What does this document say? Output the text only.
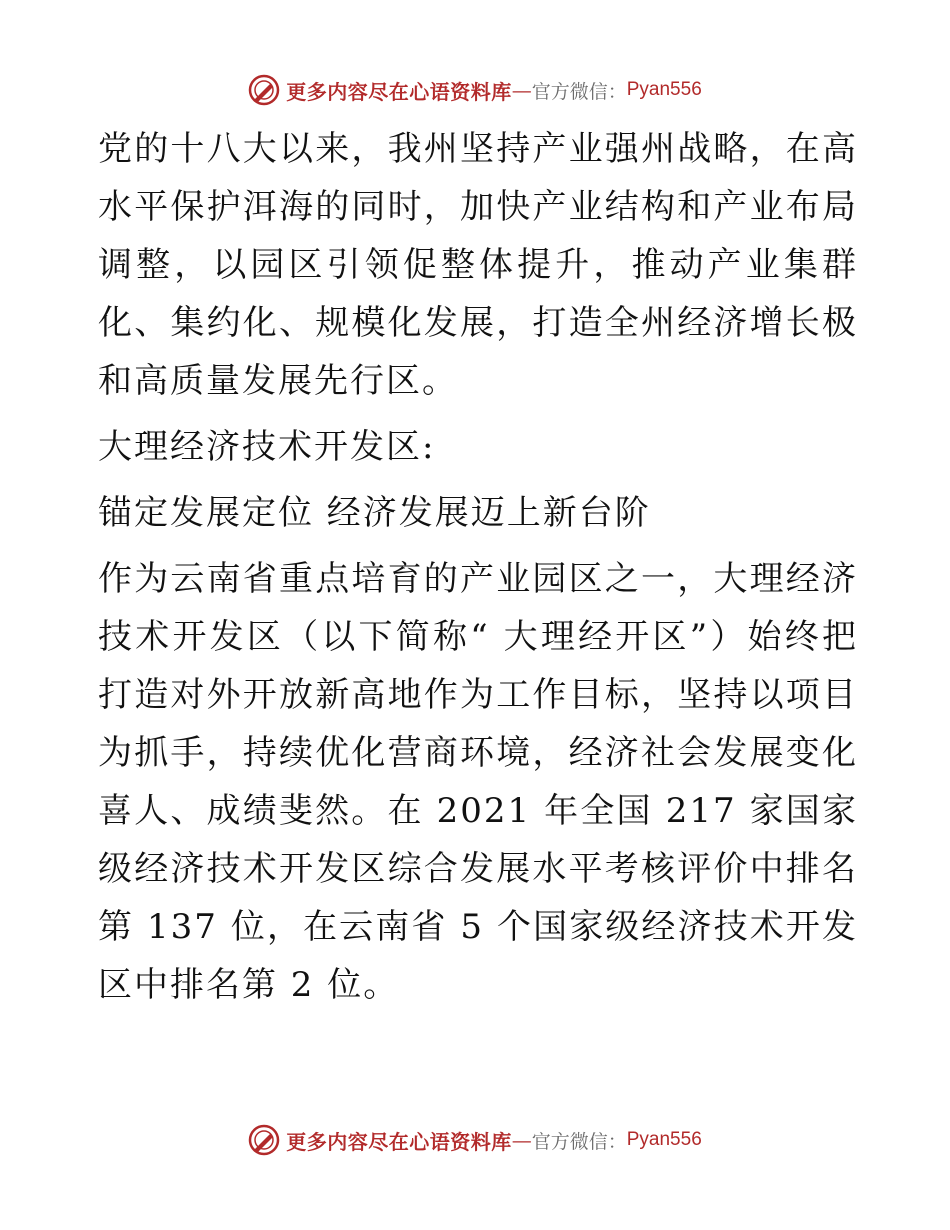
更多内容尽在心语资料库 — 官方微信： Pyan556

党的十八大以来，我州坚持产业强州战略，在高水平保护洱海的同时，加快产业结构和产业布局调整，以园区引领促整体提升，推动产业集群化、集约化、规模化发展，打造全州经济增长极和高质量发展先行区。

大理经济技术开发区:

锚定发展定位 经济发展迈上新台阶

作为云南省重点培育的产业园区之一，大理经济技术开发区（以下简称“ 大理经开区”）始终把打造对外开放新高地作为工作目标，坚持以项目为抓手，持续优化营商环境，经济社会发展变化喜人、成绩斐然。在 2021 年全国 217 家国家级经济技术开发区综合发展水平考核评价中排名第 137 位，在云南省 5 个国家级经济技术开发区中排名第 2 位。

更多内容尽在心语资料库 — 官方微信： Pyan556
